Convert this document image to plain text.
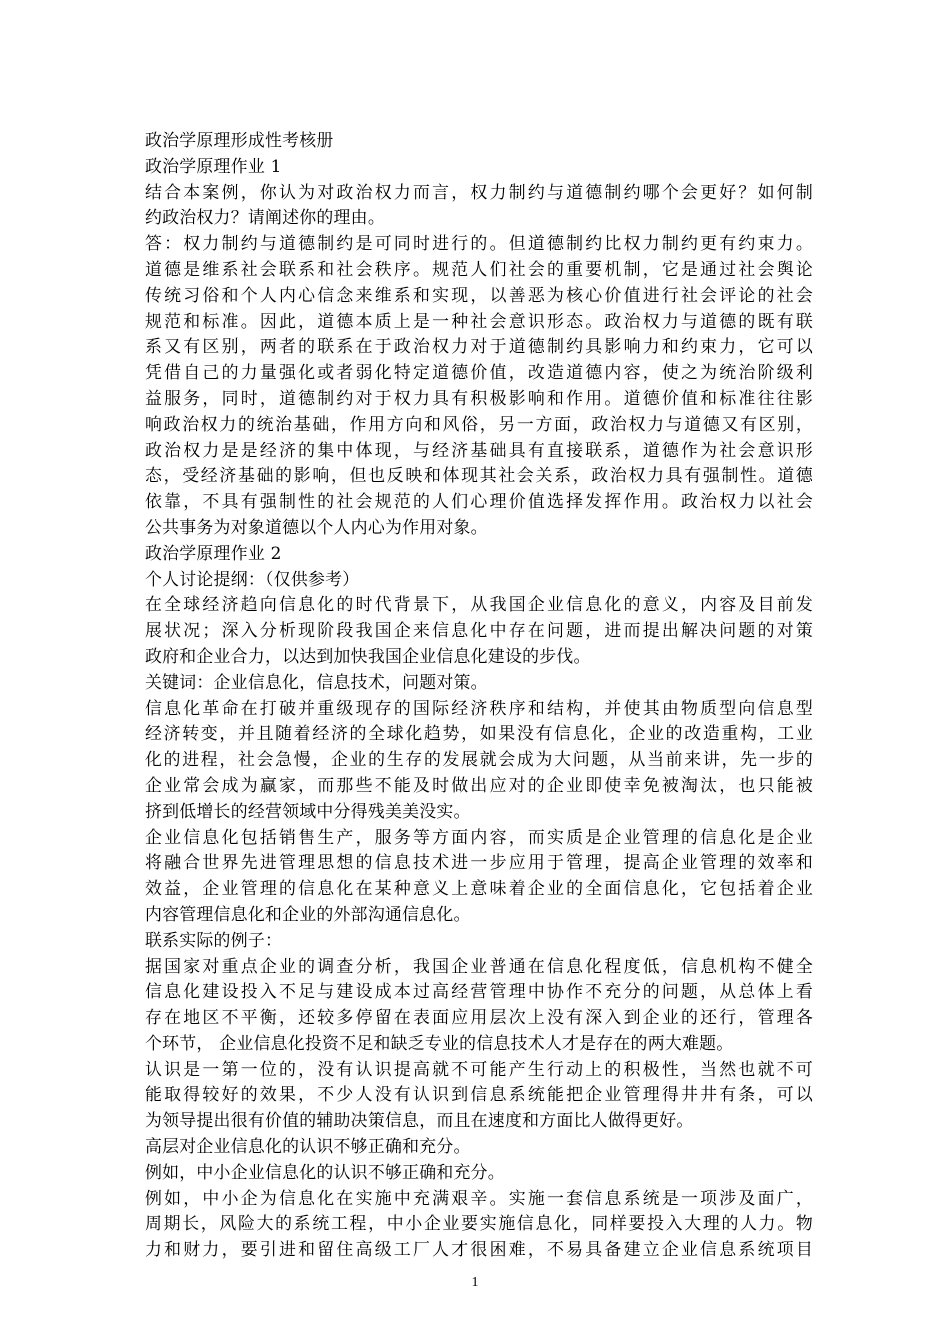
政治学原理形成性考核册
政治学原理作业 1
结合本案例，你认为对政治权力而言，权力制约与道德制约哪个会更好？如何制
约政治权力？请阐述你的理由。
答：权力制约与道德制约是可同时进行的。但道德制约比权力制约更有约束力。
道德是维系社会联系和社会秩序。规范人们社会的重要机制，它是通过社会舆论
传统习俗和个人内心信念来维系和实现，以善恶为核心价值进行社会评论的社会
规范和标准。因此，道德本质上是一种社会意识形态。政治权力与道德的既有联
系又有区别，两者的联系在于政治权力对于道德制约具影响力和约束力，它可以
凭借自己的力量强化或者弱化特定道德价值，改造道德内容，使之为统治阶级利
益服务，同时，道德制约对于权力具有积极影响和作用。道德价值和标准往往影
响政治权力的统治基础，作用方向和风俗，另一方面，政治权力与道德又有区别，
政治权力是是经济的集中体现，与经济基础具有直接联系，道德作为社会意识形
态，受经济基础的影响，但也反映和体现其社会关系，政治权力具有强制性。道德
依靠，不具有强制性的社会规范的人们心理价值选择发挥作用。政治权力以社会
公共事务为对象道德以个人内心为作用对象。
政治学原理作业 2
个人讨论提纲：（仅供参考）
在全球经济趋向信息化的时代背景下，从我国企业信息化的意义，内容及目前发
展状况；深入分析现阶段我国企来信息化中存在问题，进而提出解决问题的对策
政府和企业合力，以达到加快我国企业信息化建设的步伐。
关键词：企业信息化，信息技术，问题对策。
信息化革命在打破并重级现存的国际经济秩序和结构，并使其由物质型向信息型
经济转变，并且随着经济的全球化趋势，如果没有信息化，企业的改造重构，工业
化的进程，社会急慢，企业的生存的发展就会成为大问题，从当前来讲，先一步的
企业常会成为赢家，而那些不能及时做出应对的企业即使幸免被淘汰，也只能被
挤到低增长的经营领域中分得残美美没实。
企业信息化包括销售生产，服务等方面内容，而实质是企业管理的信息化是企业
将融合世界先进管理思想的信息技术进一步应用于管理，提高企业管理的效率和
效益，企业管理的信息化在某种意义上意味着企业的全面信息化，它包括着企业
内容管理信息化和企业的外部沟通信息化。
联系实际的例子：
据国家对重点企业的调查分析，我国企业普通在信息化程度低，信息机构不健全
信息化建设投入不足与建设成本过高经营管理中协作不充分的问题，从总体上看
存在地区不平衡，还较多停留在表面应用层次上没有深入到企业的还行，管理各
个环节， 企业信息化投资不足和缺乏专业的信息技术人才是存在的两大难题。
认识是一第一位的，没有认识提高就不可能产生行动上的积极性，当然也就不可
能取得较好的效果，不少人没有认识到信息系统能把企业管理得井井有条，可以
为领导提出很有价值的辅助决策信息，而且在速度和方面比人做得更好。
高层对企业信息化的认识不够正确和充分。
例如，中小企业信息化的认识不够正确和充分。
例如，中小企为信息化在实施中充满艰辛。实施一套信息系统是一项涉及面广，
周期长，风险大的系统工程，中小企业要实施信息化，同样要投入大理的人力。物
力和财力，要引进和留住高级工厂人才很困难，不易具备建立企业信息系统项目
1
